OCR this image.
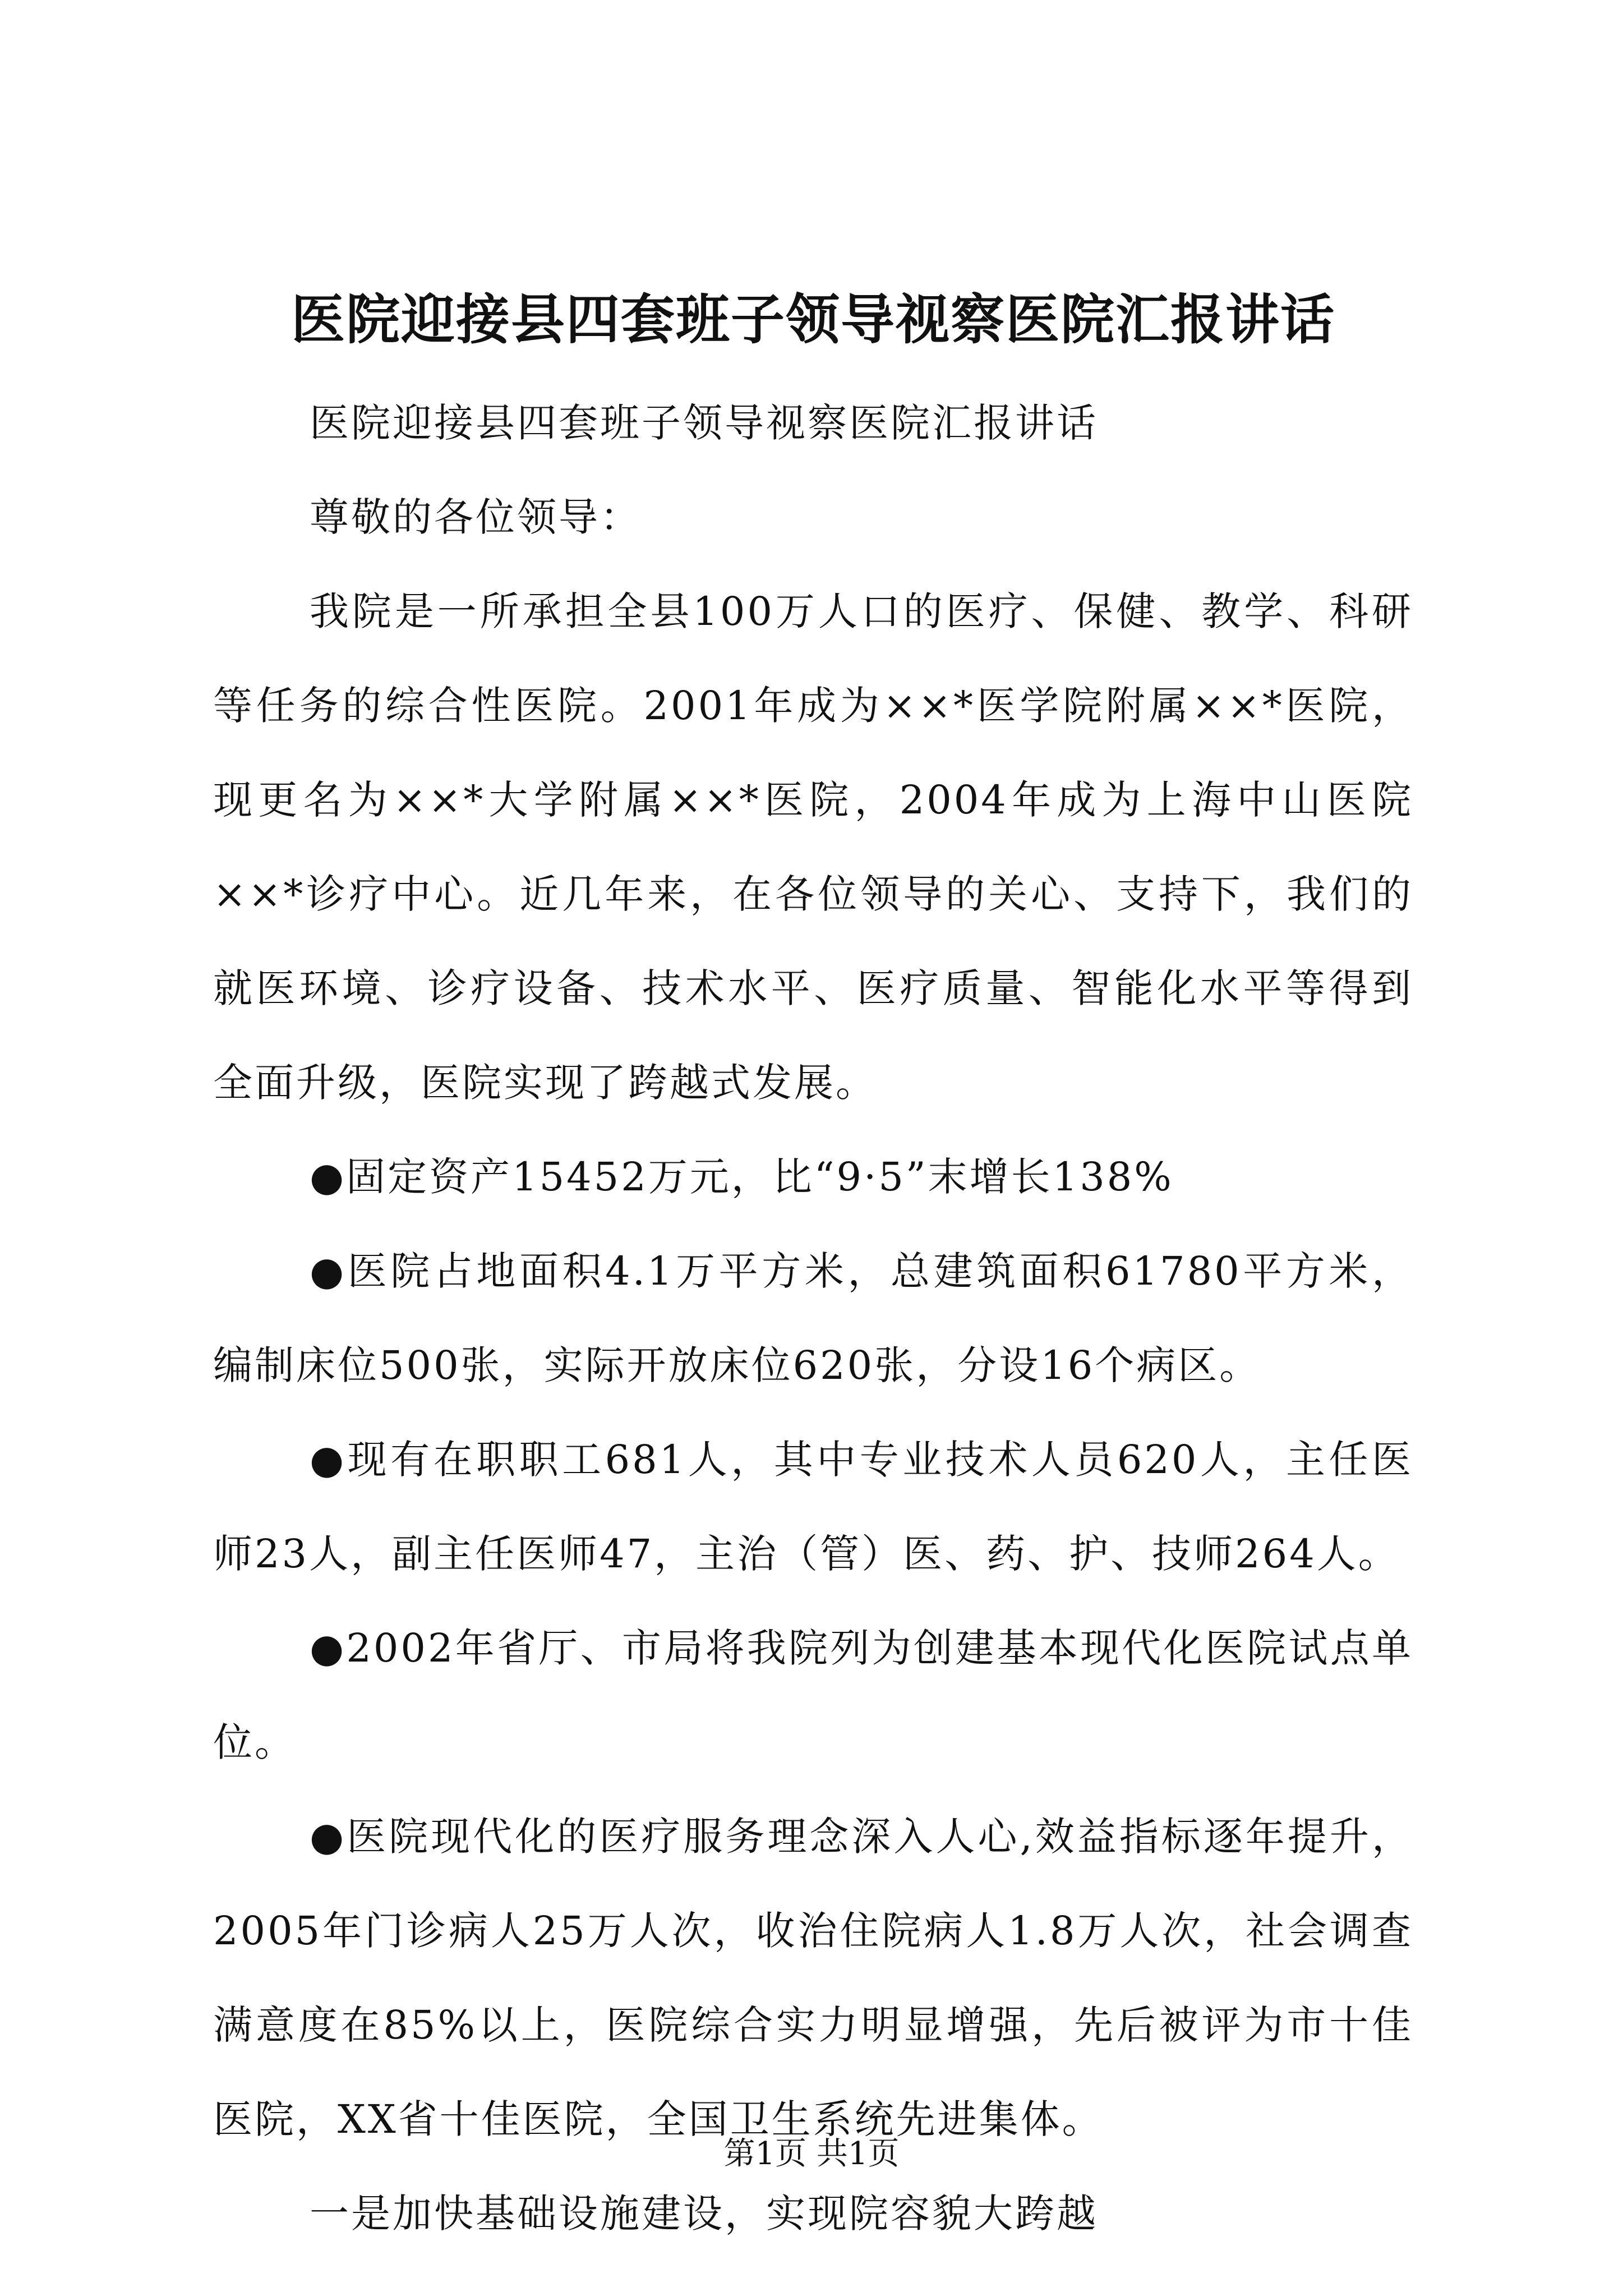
医院迎接县四套班子领导视察医院汇报讲话

医院迎接县四套班子领导视察医院汇报讲话

尊敬的各位领导：

我院是一所承担全县100万人口的医疗、保健、教学、科研等任务的综合性医院。2001年成为××*医学院附属××*医院，现更名为××*大学附属××*医院，2004年成为上海中山医院××*诊疗中心。近几年来，在各位领导的关心、支持下，我们的就医环境、诊疗设备、技术水平、医疗质量、智能化水平等得到全面升级，医院实现了跨越式发展。

●固定资产15452万元，比“9·5”末增长138%

●医院占地面积4.1万平方米，总建筑面积61780平方米，编制床位500张，实际开放床位620张，分设16个病区。

●现有在职职工681人，其中专业技术人员620人，主任医师23人，副主任医师47，主治（管）医、药、护、技师264人。

●2002年省厅、市局将我院列为创建基本现代化医院试点单位。

●医院现代化的医疗服务理念深入人心,效益指标逐年提升，2005年门诊病人25万人次，收治住院病人1.8万人次，社会调查满意度在85%以上，医院综合实力明显增强，先后被评为市十佳医院，XX省十佳医院，全国卫生系统先进集体。

一是加快基础设施建设，实现院容貌大跨越

第1页 共1页
